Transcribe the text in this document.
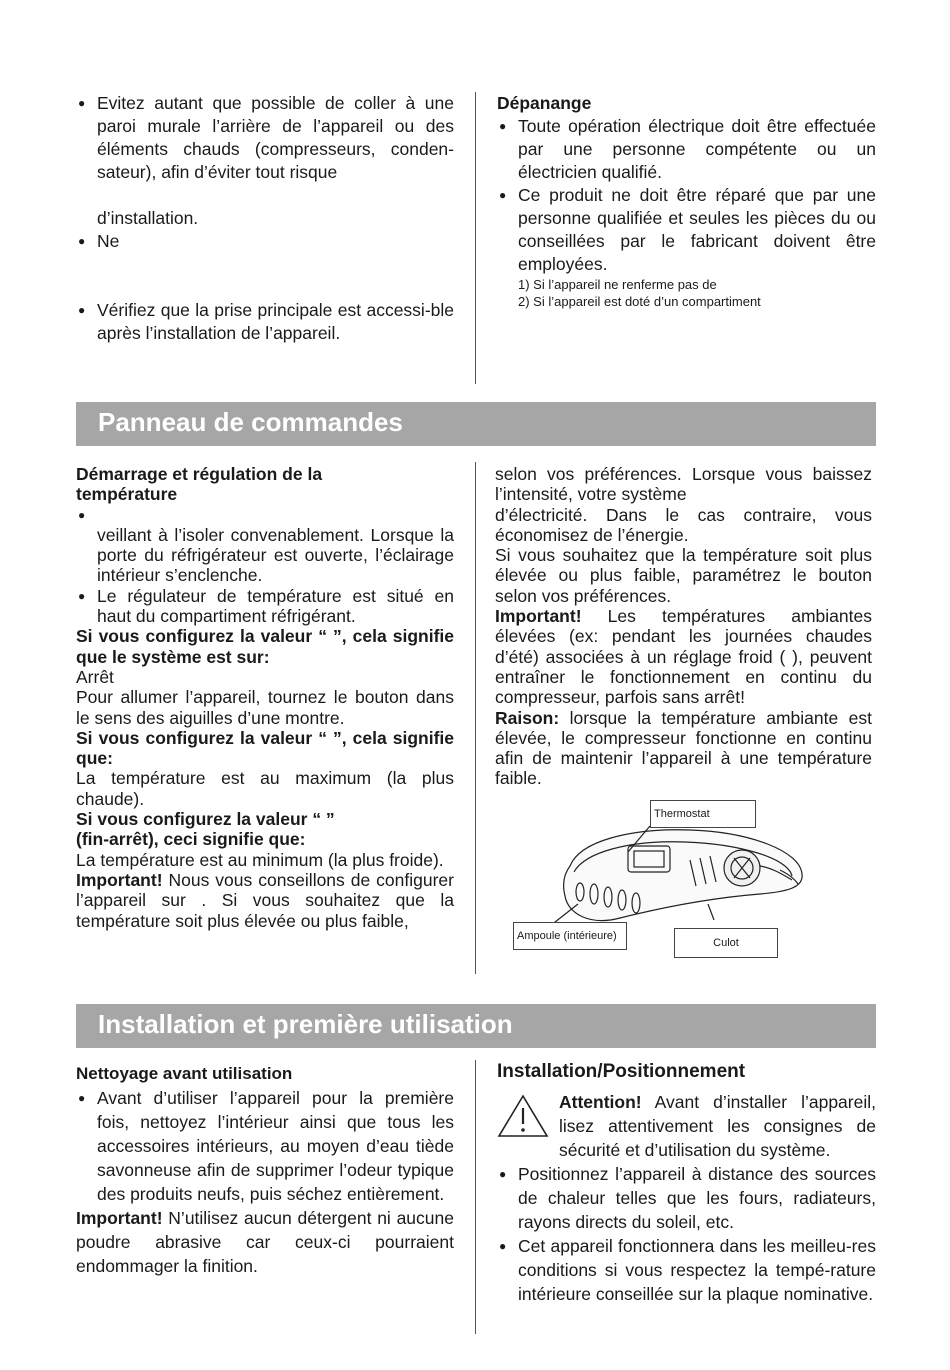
● Evitez autant que possible de coller à une paroi murale l’arrière de l’appareil ou des éléments chauds (compresseurs, conden-sateur), afin d’éviter tout risque

d’installation.

● Ne

● Vérifiez que la prise principale est accessi-ble après l’installation de l’appareil.

Dépanange

● Toute opération électrique doit être effectuée par une personne compétente ou un électricien qualifié.

● Ce produit ne doit être réparé que par une personne qualifiée et seules les pièces du ou conseillées par le fabricant doivent être employées.

1) Si l’appareil ne renferme pas de

2) Si l’appareil est doté d’un compartiment

Panneau de commandes

Démarrage et régulation de la température

●

veillant à l’isoler convenablement. Lorsque la porte du réfrigérateur est ouverte, l’éclairage intérieur s’enclenche.

● Le régulateur de température est situé en haut du compartiment réfrigérant.

Si vous configurez la valeur “ ”, cela signifie que le système est sur:

Arrêt

Pour allumer l’appareil, tournez le bouton dans le sens des aiguilles d’une montre.

Si vous configurez la valeur “ ”, cela signifie que:

La température est au maximum (la plus chaude).

Si vous configurez la valeur “ ”

(fin-arrêt), ceci signifie que:

La température est au minimum (la plus froide).

Important! Nous vous conseillons de configurer l’appareil sur . Si vous souhaitez que la température soit plus élevée ou plus faible,

selon vos préférences. Lorsque vous baissez l’intensité, votre système

d’électricité. Dans le cas contraire, vous économisez de l’énergie.

Si vous souhaitez que la température soit plus élevée ou plus faible, paramétrez le bouton selon vos préférences.

Important! Les températures ambiantes élevées (ex: pendant les journées chaudes d’été) associées à un réglage froid ( ), peuvent entraîner le fonctionnement en continu du compresseur, parfois sans arrêt!

Raison: lorsque la température ambiante est élevée, le compresseur fonctionne en continu afin de maintenir l’appareil à une température faible.

Thermostat
Ampoule (intérieure)
Culot
Installation et première utilisation

Nettoyage avant utilisation

● Avant d’utiliser l’appareil pour la première fois, nettoyez l’intérieur ainsi que tous les accessoires intérieurs, au moyen d’eau tiède savonneuse afin de supprimer l’odeur typique des produits neufs, puis séchez entièrement.

Important! N’utilisez aucun détergent ni aucune poudre abrasive car ceux-ci pourraient endommager la finition.

Installation/Positionnement

Attention! Avant d’installer l’appareil, lisez attentivement les consignes de sécurité et d’utilisation du système.

● Positionnez l’appareil à distance des sources de chaleur telles que les fours, radiateurs, rayons directs du soleil, etc.

● Cet appareil fonctionnera dans les meilleu-res conditions si vous respectez la tempé-rature intérieure conseillée sur la plaque nominative.
